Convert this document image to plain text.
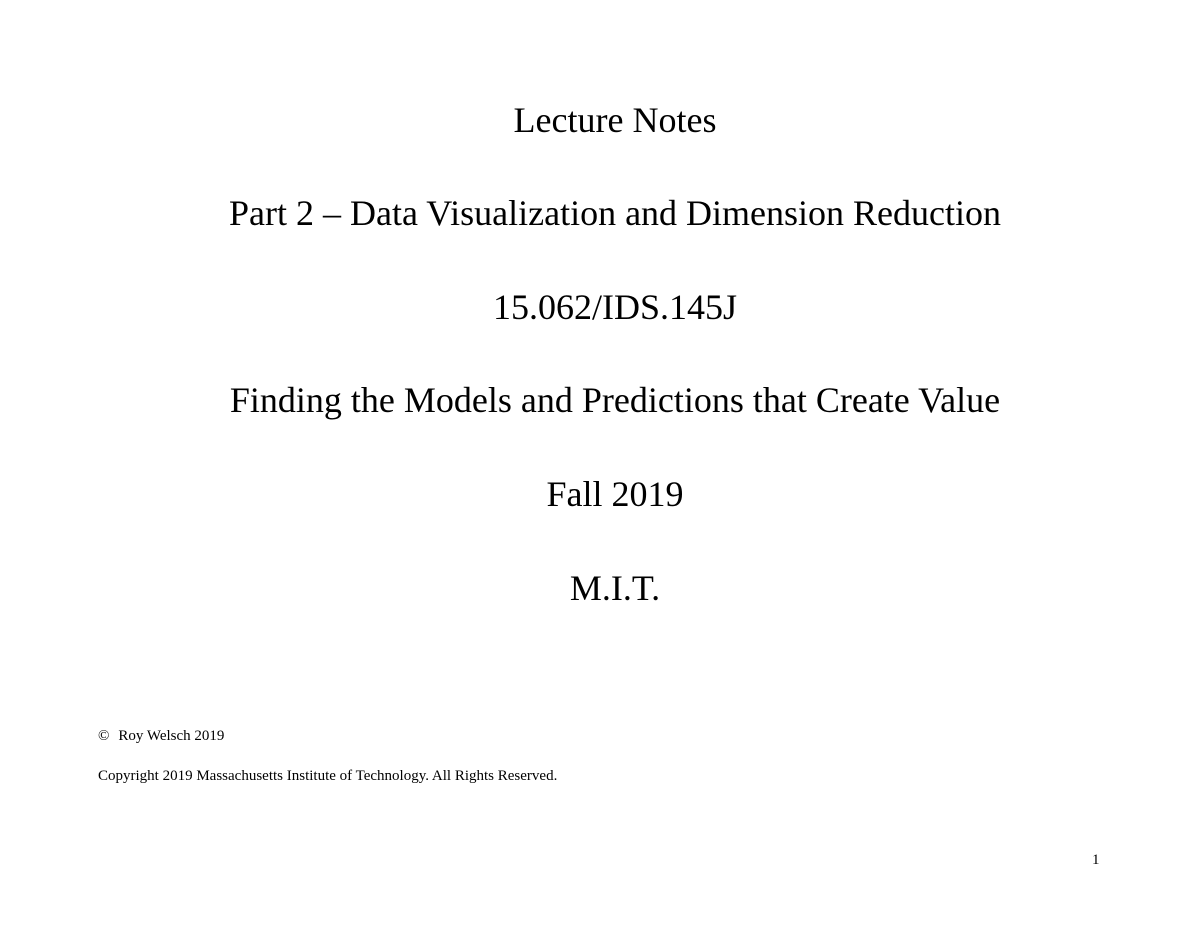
Lecture Notes
Part 2 – Data Visualization and Dimension Reduction
15.062/IDS.145J
Finding the Models and Predictions that Create Value
Fall 2019
M.I.T.
© Roy Welsch 2019
Copyright 2019 Massachusetts Institute of Technology. All Rights Reserved.
1
